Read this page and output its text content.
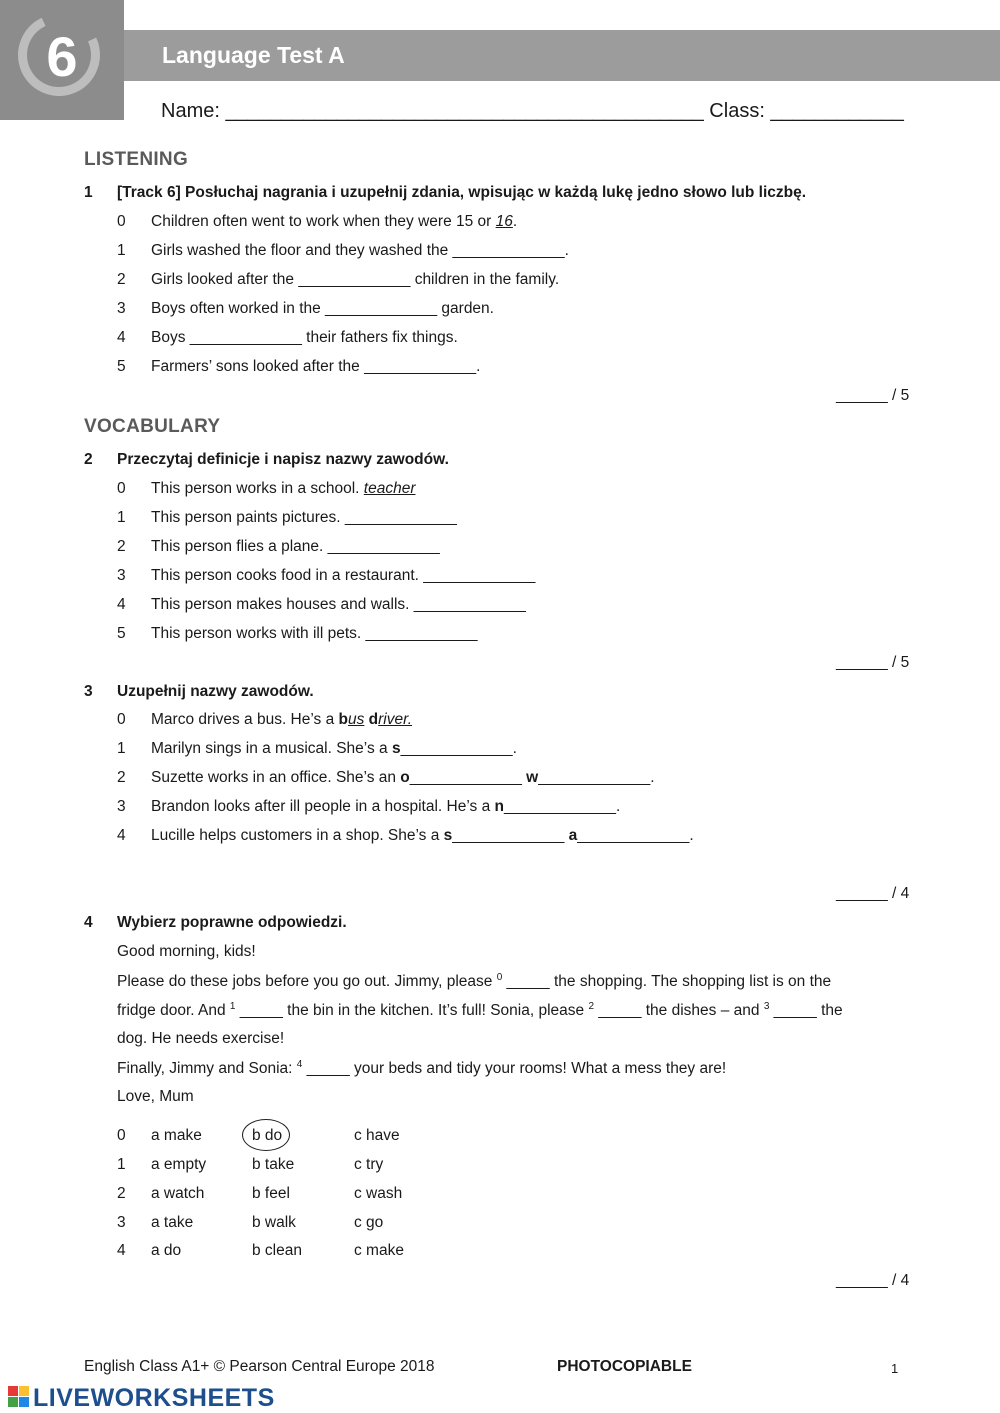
6	Language Test A
Name: ___________________________________________ Class: ____________
LISTENING
1 [Track 6] Posłuchaj nagrania i uzupełnij zdania, wpisując w każdą lukę jedno słowo lub liczbę.
0 Children often went to work when they were 15 or 16.
1 Girls washed the floor and they washed the _____________.
2 Girls looked after the _____________ children in the family.
3 Boys often worked in the _____________ garden.
4 Boys _____________ their fathers fix things.
5 Farmers’ sons looked after the _____________.
______ / 5
VOCABULARY
2 Przeczytaj definicje i napisz nazwy zawodów.
0 This person works in a school. teacher
1 This person paints pictures. _____________
2 This person flies a plane. _____________
3 This person cooks food in a restaurant. _____________
4 This person makes houses and walls. _____________
5 This person works with ill pets. _____________
______ / 5
3 Uzupełnij nazwy zawodów.
0 Marco drives a bus. He’s a bus driver.
1 Marilyn sings in a musical. She’s a s_____________.
2 Suzette works in an office. She’s an o_____________ w_____________.
3 Brandon looks after ill people in a hospital. He’s a n_____________.
4 Lucille helps customers in a shop. She’s a s_____________ a_____________.
______ / 4
4 Wybierz poprawne odpowiedzi.
Good morning, kids!
Please do these jobs before you go out. Jimmy, please $^0$ _____ the shopping. The shopping list is on the
fridge door. And $^1$ _____ the bin in the kitchen. It’s full! Sonia, please $^2$ _____ the dishes – and $^3$ _____ the
dog. He needs exercise!
Finally, Jimmy and Sonia: $^4$ _____ your beds and tidy your rooms! What a mess they are!
Love, Mum
0 a make	b do	c have
1 a empty	b take	c try
2 a watch	b feel	c wash
3 a take	b walk	c go
4 a do	b clean	c make
______ / 4
English Class A1+ © Pearson Central Europe 2018	PHOTOCOPIABLE	1
LIVEWORKSHEETS
